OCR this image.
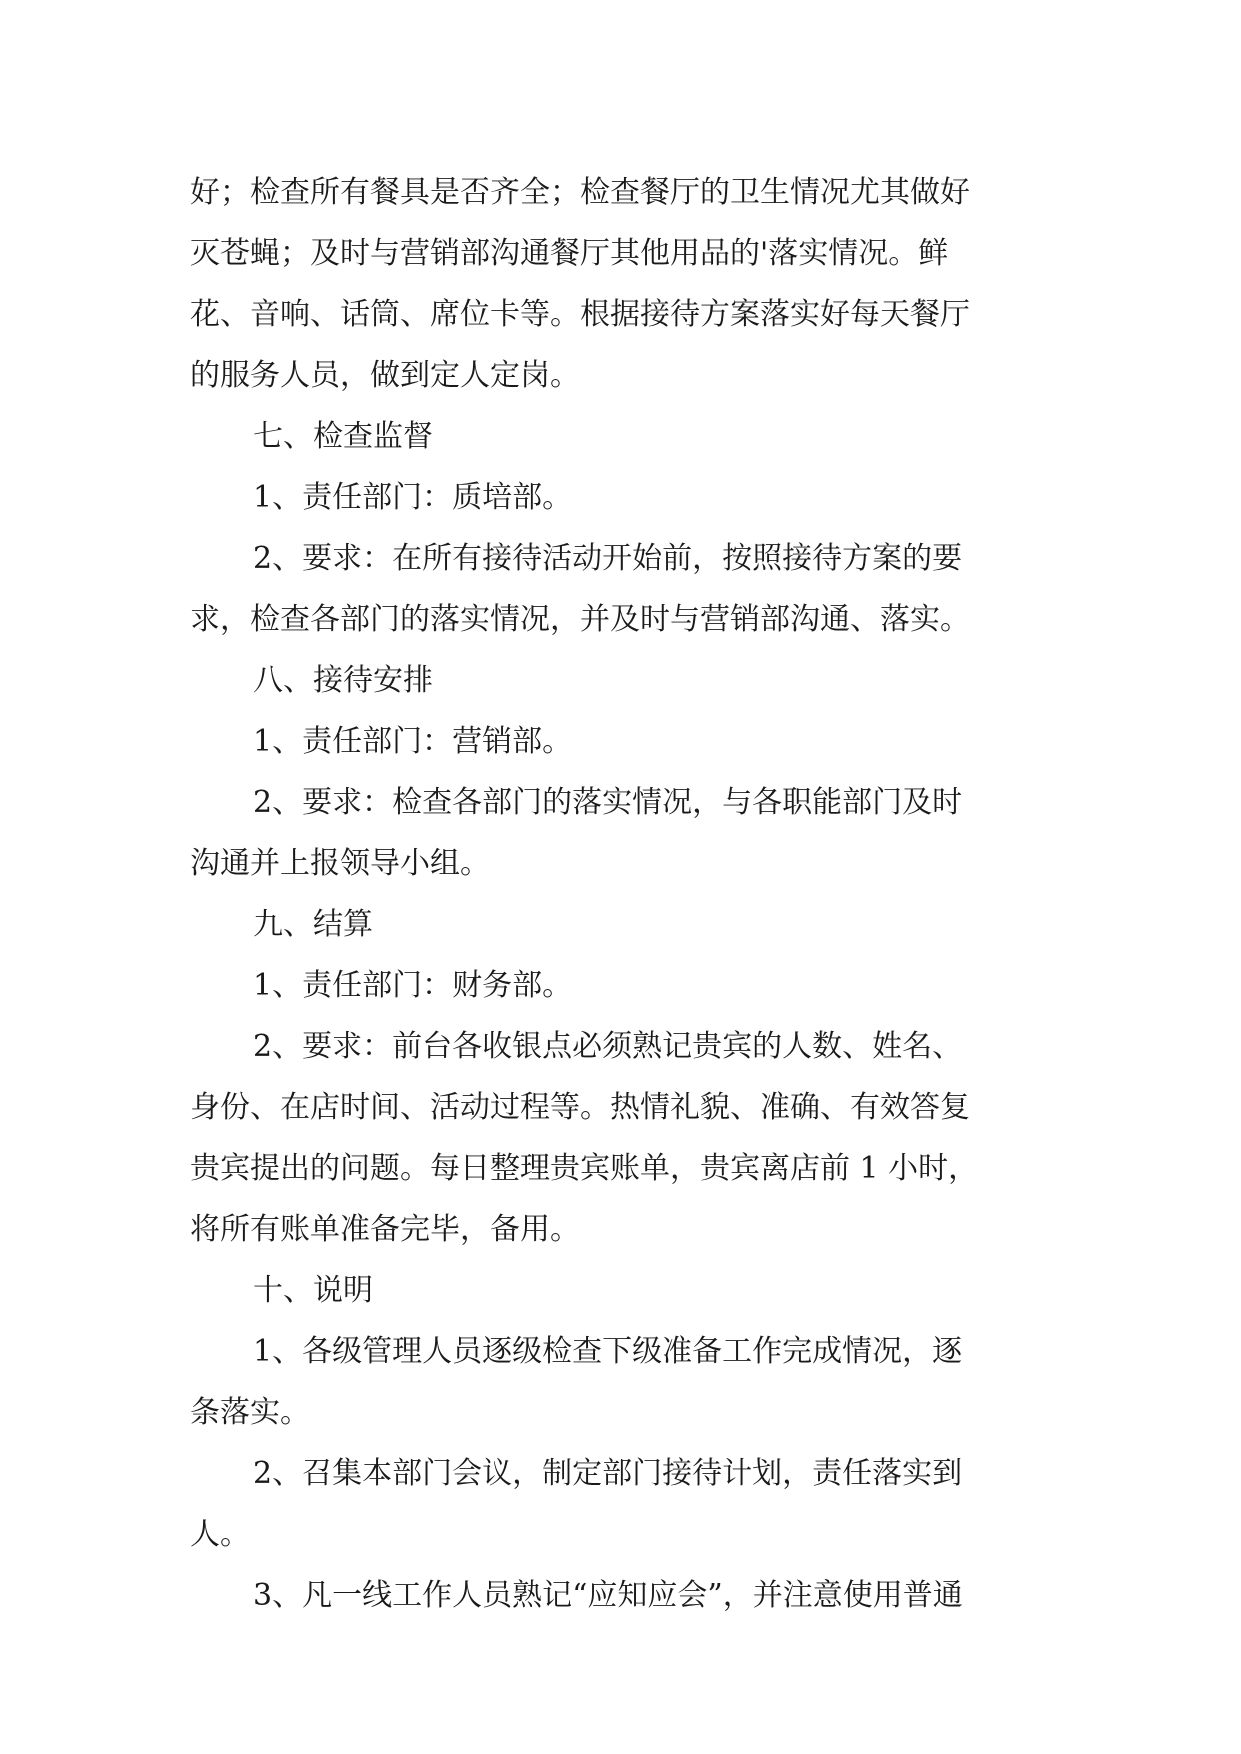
好；检查所有餐具是否齐全；检查餐厅的卫生情况尤其做好
灭苍蝇；及时与营销部沟通餐厅其他用品的'落实情况。鲜
花、音响、话筒、席位卡等。根据接待方案落实好每天餐厅
的服务人员，做到定人定岗。
七、检查监督
1、责任部门：质培部。
2、要求：在所有接待活动开始前，按照接待方案的要
求，检查各部门的落实情况，并及时与营销部沟通、落实。
八、接待安排
1、责任部门：营销部。
2、要求：检查各部门的落实情况，与各职能部门及时
沟通并上报领导小组。
九、结算
1、责任部门：财务部。
2、要求：前台各收银点必须熟记贵宾的人数、姓名、
身份、在店时间、活动过程等。热情礼貌、准确、有效答复
贵宾提出的问题。每日整理贵宾账单，贵宾离店前 1 小时，
将所有账单准备完毕，备用。
十、说明
1、各级管理人员逐级检查下级准备工作完成情况，逐
条落实。
2、召集本部门会议，制定部门接待计划，责任落实到
人。
3、凡一线工作人员熟记“应知应会”，并注意使用普通
